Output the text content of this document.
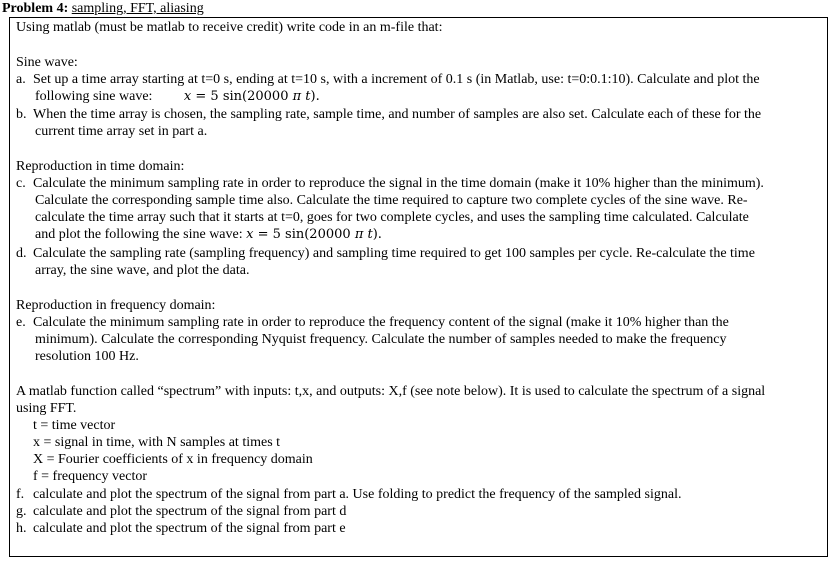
Problem 4: sampling, FFT, aliasing
Using matlab (must be matlab to receive credit) write code in an m-file that:
Sine wave:
a. Set up a time array starting at t=0 s, ending at t=10 s, with a increment of 0.1 s (in Matlab, use: t=0:0.1:10). Calculate and plot the
following sine wave: x = 5 sin(20000 π t).
b. When the time array is chosen, the sampling rate, sample time, and number of samples are also set. Calculate each of these for the
current time array set in part a.
Reproduction in time domain:
c. Calculate the minimum sampling rate in order to reproduce the signal in the time domain (make it 10% higher than the minimum).
Calculate the corresponding sample time also. Calculate the time required to capture two complete cycles of the sine wave. Re-
calculate the time array such that it starts at t=0, goes for two complete cycles, and uses the sampling time calculated. Calculate
and plot the following the sine wave: x = 5 sin(20000 π t).
d. Calculate the sampling rate (sampling frequency) and sampling time required to get 100 samples per cycle. Re-calculate the time
array, the sine wave, and plot the data.
Reproduction in frequency domain:
e. Calculate the minimum sampling rate in order to reproduce the frequency content of the signal (make it 10% higher than the
minimum). Calculate the corresponding Nyquist frequency. Calculate the number of samples needed to make the frequency
resolution 100 Hz.
A matlab function called “spectrum” with inputs: t,x, and outputs: X,f (see note below). It is used to calculate the spectrum of a signal
using FFT.
t = time vector
x = signal in time, with N samples at times t
X = Fourier coefficients of x in frequency domain
f = frequency vector
f. calculate and plot the spectrum of the signal from part a. Use folding to predict the frequency of the sampled signal.
g. calculate and plot the spectrum of the signal from part d
h. calculate and plot the spectrum of the signal from part e
